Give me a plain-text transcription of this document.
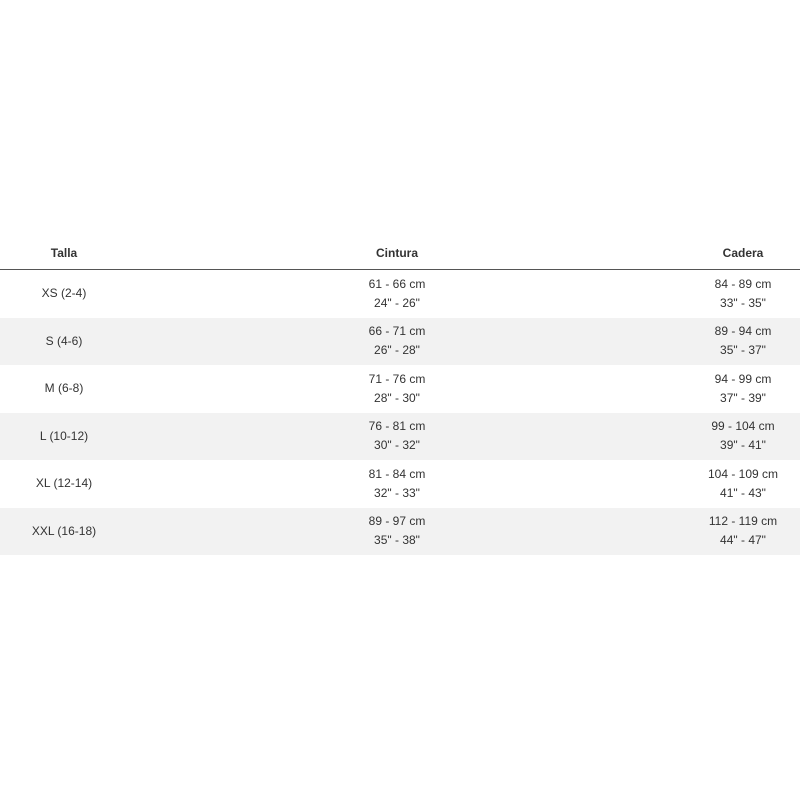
Talla	Cintura	Cadera
XS (2-4)
61 - 66 cm
24" - 26"
84 - 89 cm
33" - 35"
S (4-6)
66 - 71 cm
26" - 28"
89 - 94 cm
35" - 37"
M (6-8)
71 - 76 cm
28" - 30"
94 - 99 cm
37" - 39"
L (10-12)
76 - 81 cm
30" - 32"
99 - 104 cm
39" - 41"
XL (12-14)
81 - 84 cm
32" - 33"
104 - 109 cm
41" - 43"
XXL (16-18)
89 - 97 cm
35" - 38"
112 - 119 cm
44" - 47"
